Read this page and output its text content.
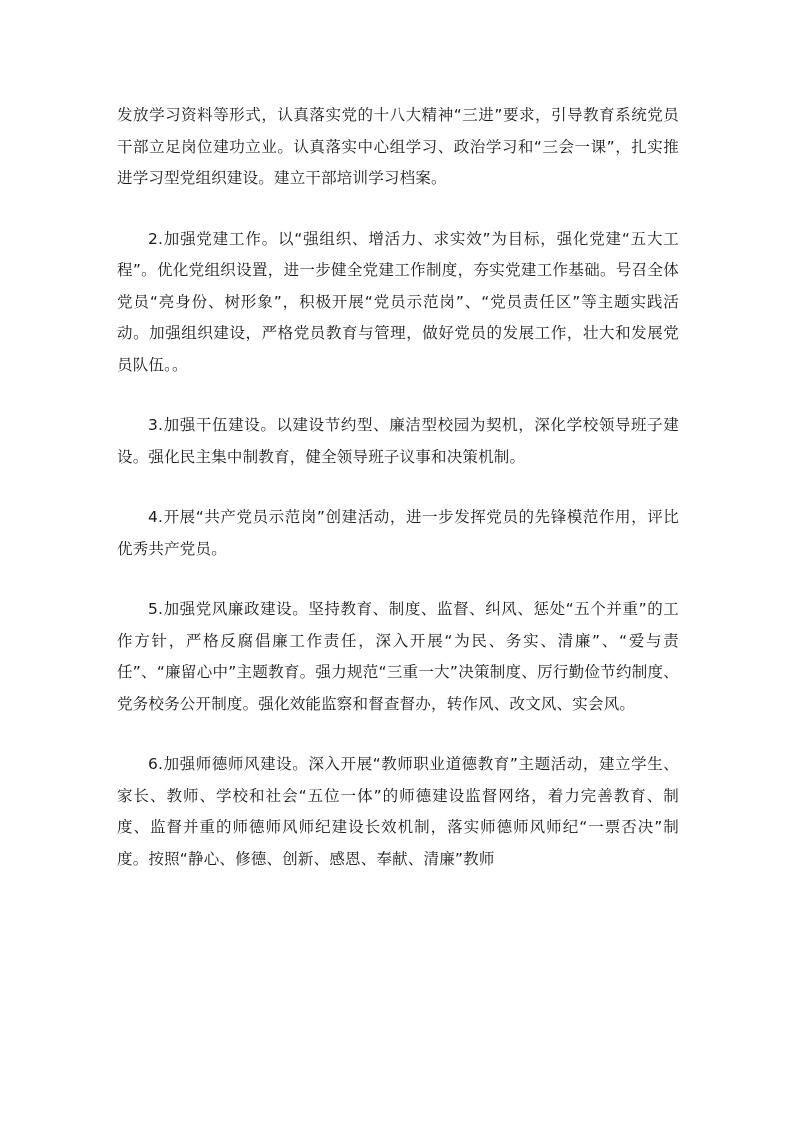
发放学习资料等形式，认真落实党的十八大精神“三进”要求，引导教育系统党员干部立足岗位建功立业。认真落实中心组学习、政治学习和“三会一课”，扎实推进学习型党组织建设。建立干部培训学习档案。

2.加强党建工作。以“强组织、增活力、求实效”为目标，强化党建“五大工程”。优化党组织设置，进一步健全党建工作制度，夯实党建工作基础。号召全体党员“亮身份、树形象”，积极开展“党员示范岗”、“党员责任区”等主题实践活动。加强组织建设，严格党员教育与管理，做好党员的发展工作，壮大和发展党员队伍。。

3.加强干伍建设。以建设节约型、廉洁型校园为契机，深化学校领导班子建设。强化民主集中制教育，健全领导班子议事和决策机制。

4.开展“共产党员示范岗”创建活动，进一步发挥党员的先锋模范作用，评比优秀共产党员。

5.加强党风廉政建设。坚持教育、制度、监督、纠风、惩处“五个并重”的工作方针，严格反腐倡廉工作责任，深入开展“为民、务实、清廉”、“爱与责任”、“廉留心中”主题教育。强力规范“三重一大”决策制度、厉行勤俭节约制度、党务校务公开制度。强化效能监察和督查督办，转作风、改文风、实会风。

6.加强师德师风建设。深入开展“教师职业道德教育”主题活动，建立学生、家长、教师、学校和社会“五位一体”的师德建设监督网络，着力完善教育、制度、监督并重的师德师风师纪建设长效机制，落实师德师风师纪“一票否决”制度。按照“静心、修德、创新、感恩、奉献、清廉”教师
